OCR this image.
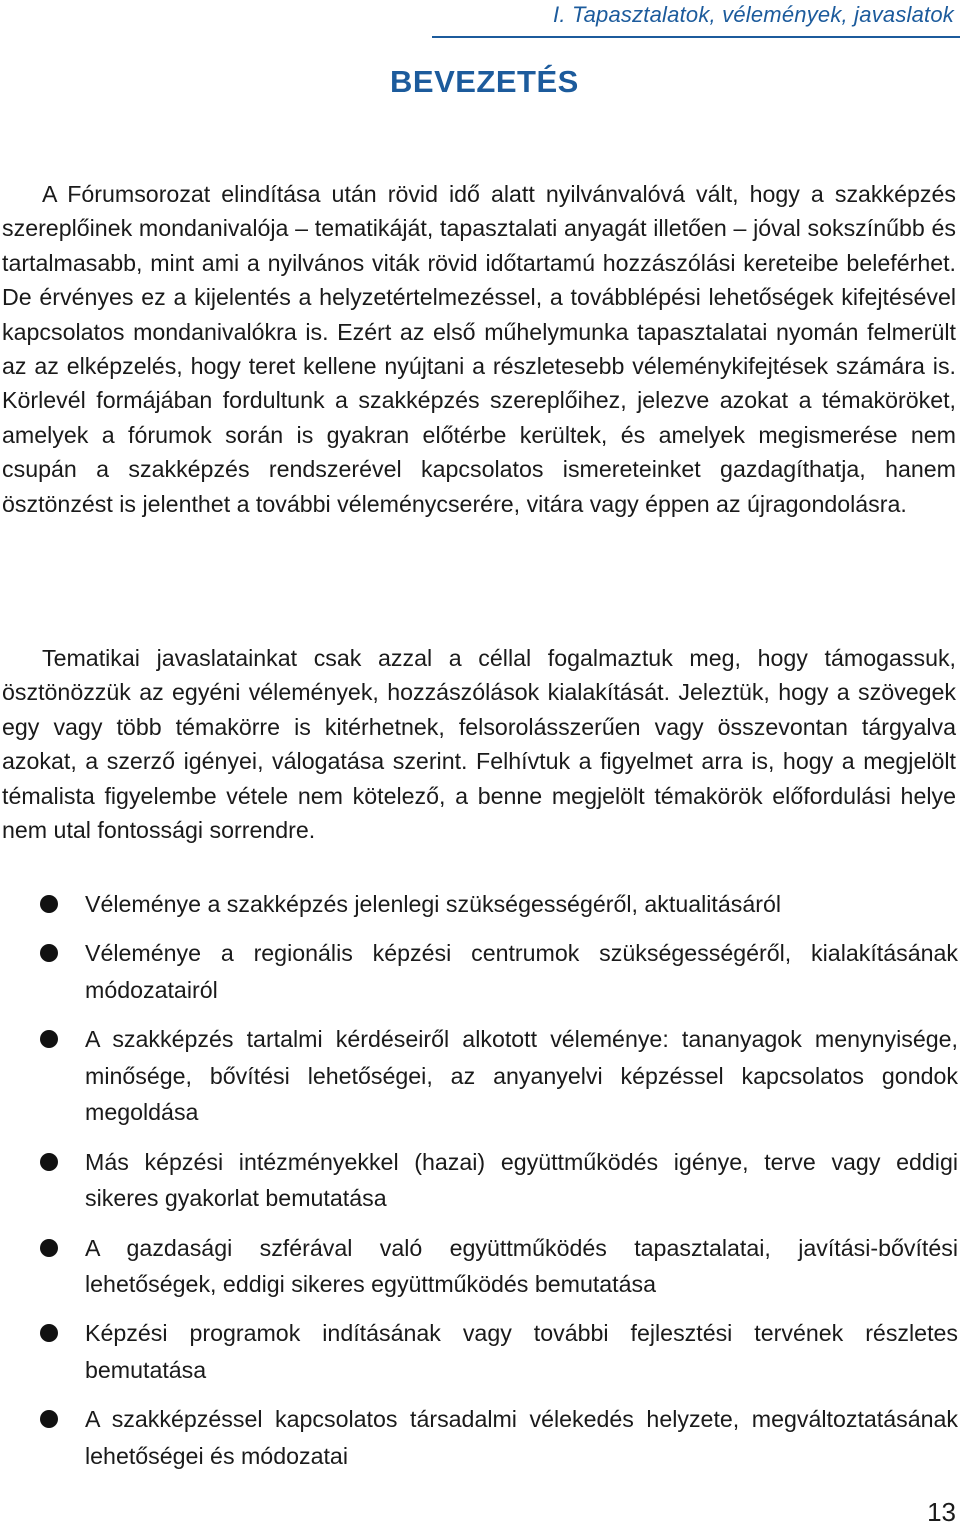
I. Tapasztalatok, vélemények, javaslatok
BEVEZETÉS

A Fórumsorozat elindítása után rövid idő alatt nyilvánvalóvá vált, hogy a szakképzés szereplőinek mondanivalója – tematikáját, tapasztalati anyagát illetően – jóval sokszínűbb és tartalmasabb, mint ami a nyilvános viták rövid időtartamú hozzászólási kereteibe beleférhet. De érvényes ez a kijelentés a helyzetértelmezéssel, a továbblépési lehetőségek kifejtésével kapcsolatos mondanivalókra is. Ezért az első műhelymunka tapasztalatai nyomán felmerült az az elképzelés, hogy teret kellene nyújtani a részletesebb véleménykifejtések számára is. Körlevél formájában fordultunk a szakképzés szereplőihez, jelezve azokat a témaköröket, amelyek a fórumok során is gyakran előtérbe kerültek, és amelyek megismerése nem csupán a szakképzés rendszerével kapcsolatos ismereteinket gazdagíthatja, hanem ösztönzést is jelenthet a további véleménycserére, vitára vagy éppen az újragondolásra.

Tematikai javaslatainkat csak azzal a céllal fogalmaztuk meg, hogy támogassuk, ösztönözzük az egyéni vélemények, hozzászólások kialakítását. Jeleztük, hogy a szövegek egy vagy több témakörre is kitérhetnek, felsorolásszerűen vagy összevontan tárgyalva azokat, a szerző igényei, válogatása szerint. Felhívtuk a figyelmet arra is, hogy a megjelölt témalista figyelembe vétele nem kötelező, a benne megjelölt témakörök előfordulási helye nem utal fontossági sorrendre.

Véleménye a szakképzés jelenlegi szükségességéről, aktualitásáról
Véleménye a regionális képzési centrumok szükségességéről, kialakításának módozatairól
A szakképzés tartalmi kérdéseiről alkotott véleménye: tananyagok menynyisége, minősége, bővítési lehetőségei, az anyanyelvi képzéssel kapcsolatos gondok megoldása
Más képzési intézményekkel (hazai) együttműködés igénye, terve vagy eddigi sikeres gyakorlat bemutatása
A gazdasági szférával való együttműködés tapasztalatai, javítási-bővítési lehetőségek, eddigi sikeres együttműködés bemutatása
Képzési programok indításának vagy további fejlesztési tervének részletes bemutatása
A szakképzéssel kapcsolatos társadalmi vélekedés helyzete, megváltoztatásának lehetőségei és módozatai
13
